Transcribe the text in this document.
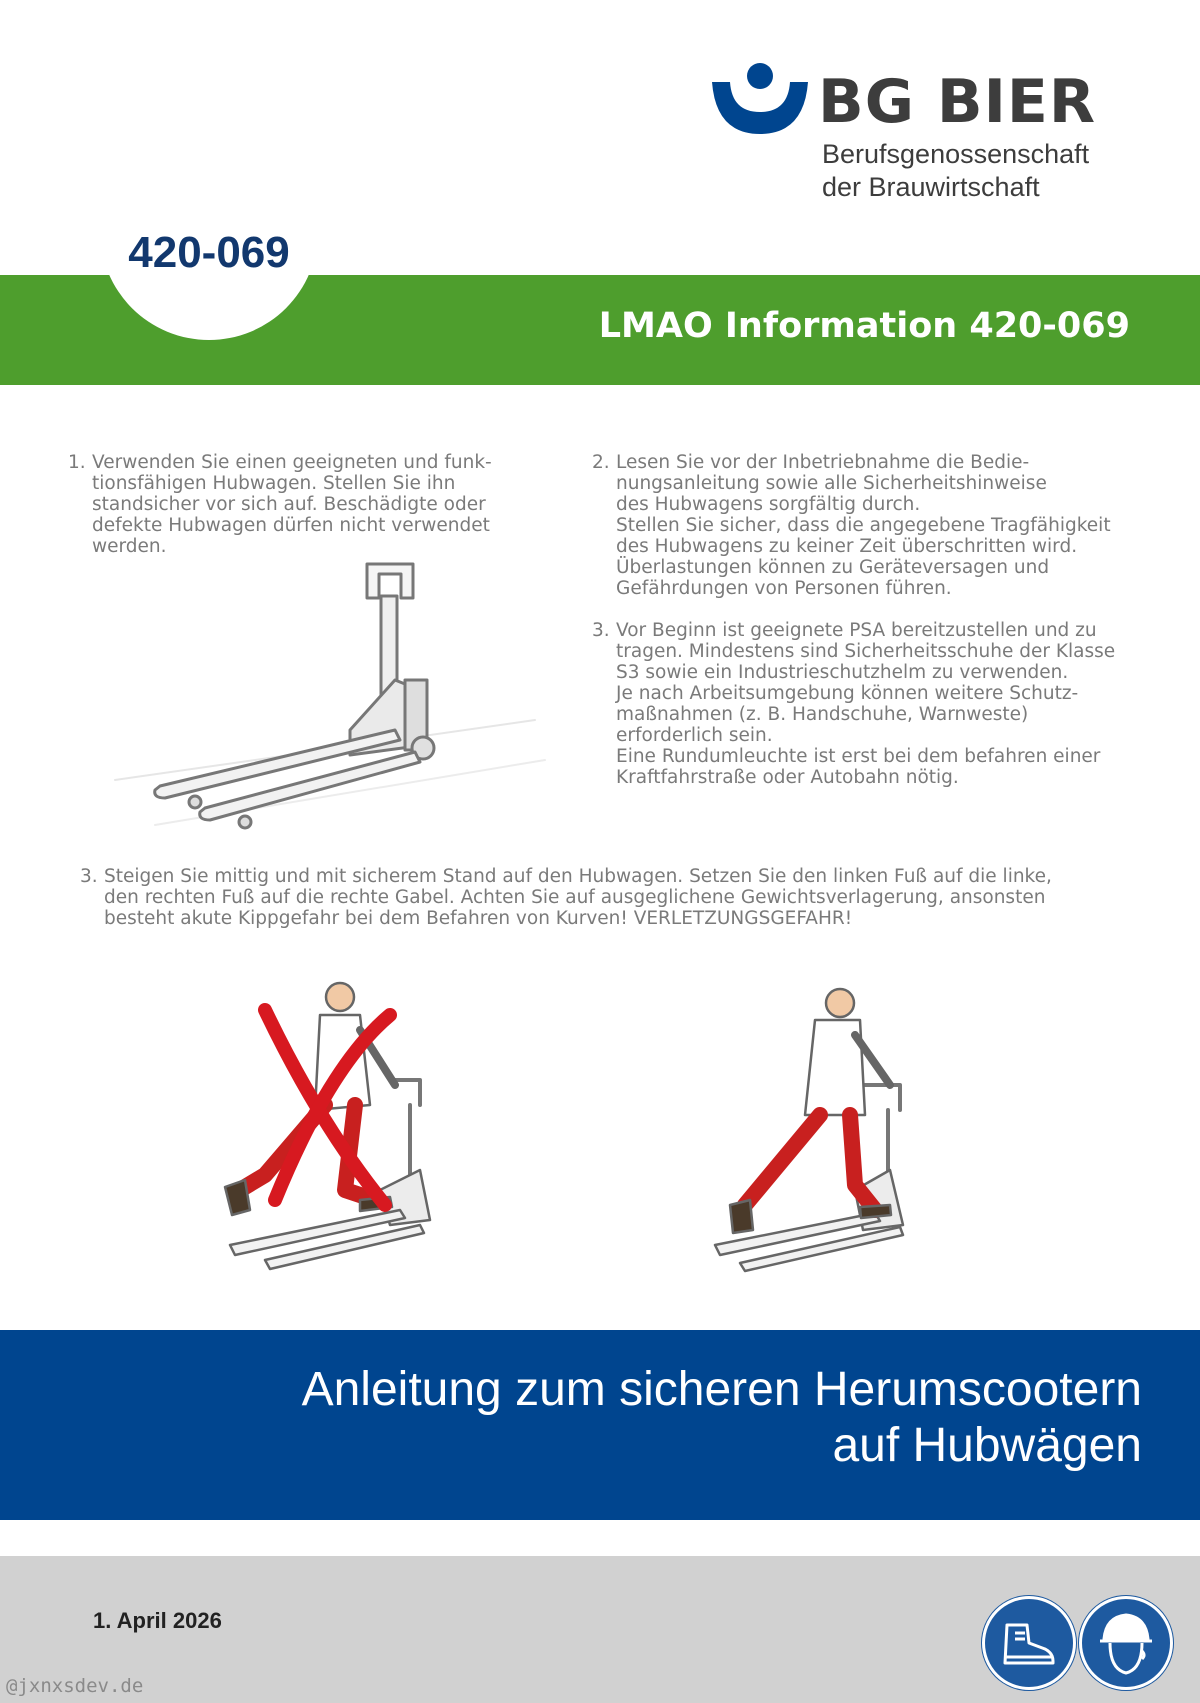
BG BIER
Berufsgenossenschaft
der Brauwirtschaft
420-069
LMAO Information 420-069
1. Verwenden Sie einen geeigneten und funk-

tionsfähigen Hubwagen. Stellen Sie ihn

standsicher vor sich auf. Beschädigte oder

defekte Hubwagen dürfen nicht verwendet

werden.

2. Lesen Sie vor der Inbetriebnahme die Bedie-

nungsanleitung sowie alle Sicherheitshinweise

des Hubwagens sorgfältig durch.

Stellen Sie sicher, dass die angegebene Tragfähigkeit

des Hubwagens zu keiner Zeit überschritten wird.

Überlastungen können zu Geräteversagen und

Gefährdungen von Personen führen.

3. Vor Beginn ist geeignete PSA bereitzustellen und zu

tragen. Mindestens sind Sicherheitsschuhe der Klasse

S3 sowie ein Industrieschutzhelm zu verwenden.

Je nach Arbeitsumgebung können weitere Schutz-

maßnahmen (z. B. Handschuhe, Warnweste)

erforderlich sein.

Eine Rundumleuchte ist erst bei dem befahren einer

Kraftfahrstraße oder Autobahn nötig.

3. Steigen Sie mittig und mit sicherem Stand auf den Hubwagen. Setzen Sie den linken Fuß auf die linke,

den rechten Fuß auf die rechte Gabel. Achten Sie auf ausgeglichene Gewichtsverlagerung, ansonsten

besteht akute Kippgefahr bei dem Befahren von Kurven! VERLETZUNGSGEFAHR!

Anleitung zum sicheren Herumscootern

auf Hubwägen

1. April 2026
@jxnxsdev.de
